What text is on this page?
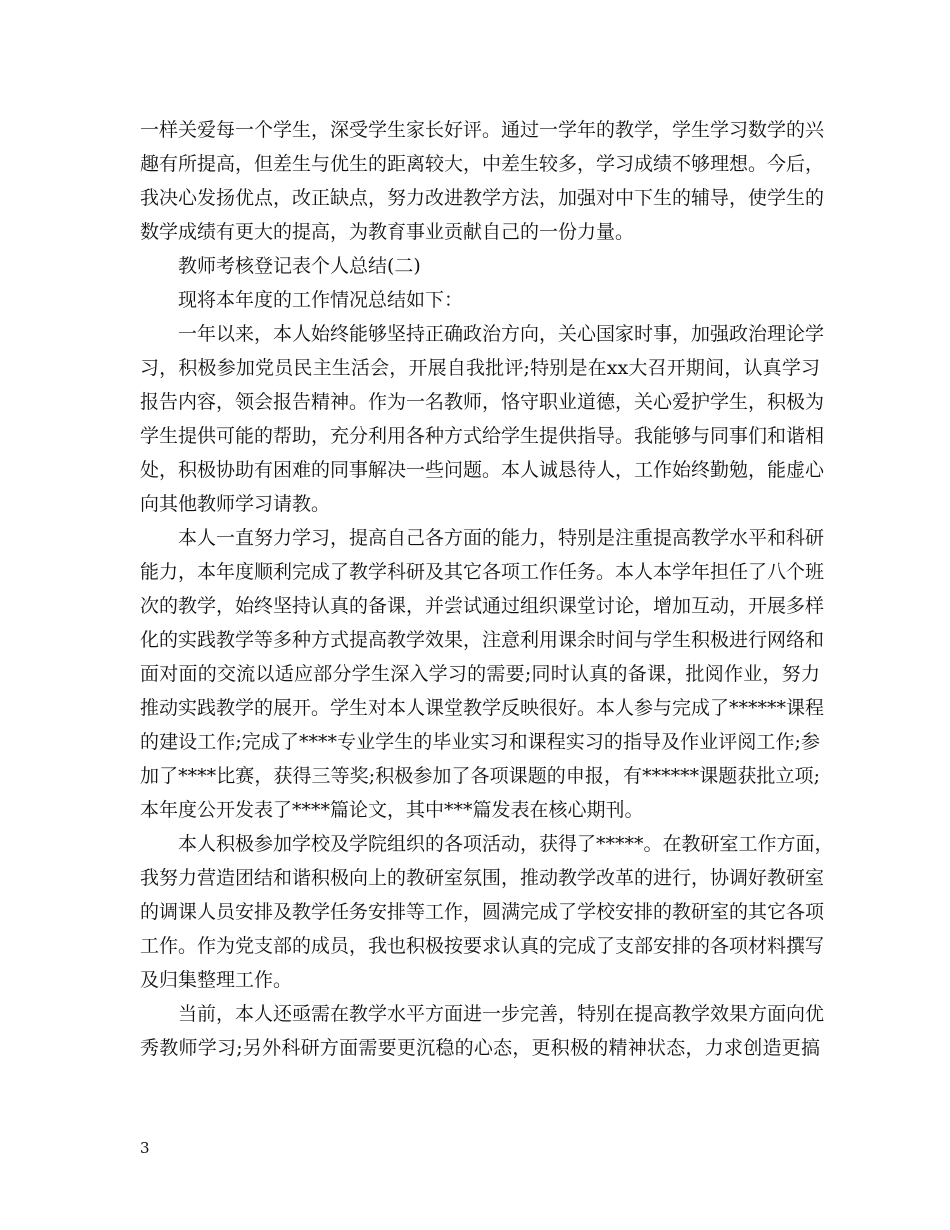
一样关爱每一个学生，深受学生家长好评。通过一学年的教学，学生学习数学的兴
趣有所提高，但差生与优生的距离较大，中差生较多，学习成绩不够理想。今后，
我决心发扬优点，改正缺点，努力改进教学方法，加强对中下生的辅导，使学生的
数学成绩有更大的提高，为教育事业贡献自己的一份力量。
教师考核登记表个人总结(二)
现将本年度的工作情况总结如下：
一年以来，本人始终能够坚持正确政治方向，关心国家时事，加强政治理论学
习，积极参加党员民主生活会，开展自我批评;特别是在xx大召开期间，认真学习
报告内容，领会报告精神。作为一名教师，恪守职业道德，关心爱护学生，积极为
学生提供可能的帮助，充分利用各种方式给学生提供指导。我能够与同事们和谐相
处，积极协助有困难的同事解决一些问题。本人诚恳待人，工作始终勤勉，能虚心
向其他教师学习请教。
本人一直努力学习，提高自己各方面的能力，特别是注重提高教学水平和科研
能力，本年度顺利完成了教学科研及其它各项工作任务。本人本学年担任了八个班
次的教学，始终坚持认真的备课，并尝试通过组织课堂讨论，增加互动，开展多样
化的实践教学等多种方式提高教学效果，注意利用课余时间与学生积极进行网络和
面对面的交流以适应部分学生深入学习的需要;同时认真的备课，批阅作业，努力
推动实践教学的展开。学生对本人课堂教学反映很好。本人参与完成了******课程
的建设工作;完成了****专业学生的毕业实习和课程实习的指导及作业评阅工作;参
加了****比赛，获得三等奖;积极参加了各项课题的申报，有******课题获批立项;
本年度公开发表了****篇论文，其中***篇发表在核心期刊。
本人积极参加学校及学院组织的各项活动，获得了*****。在教研室工作方面，
我努力营造团结和谐积极向上的教研室氛围，推动教学改革的进行，协调好教研室
的调课人员安排及教学任务安排等工作，圆满完成了学校安排的教研室的其它各项
工作。作为党支部的成员，我也积极按要求认真的完成了支部安排的各项材料撰写
及归集整理工作。
当前，本人还亟需在教学水平方面进一步完善，特别在提高教学效果方面向优
秀教师学习;另外科研方面需要更沉稳的心态，更积极的精神状态，力求创造更搞
3
